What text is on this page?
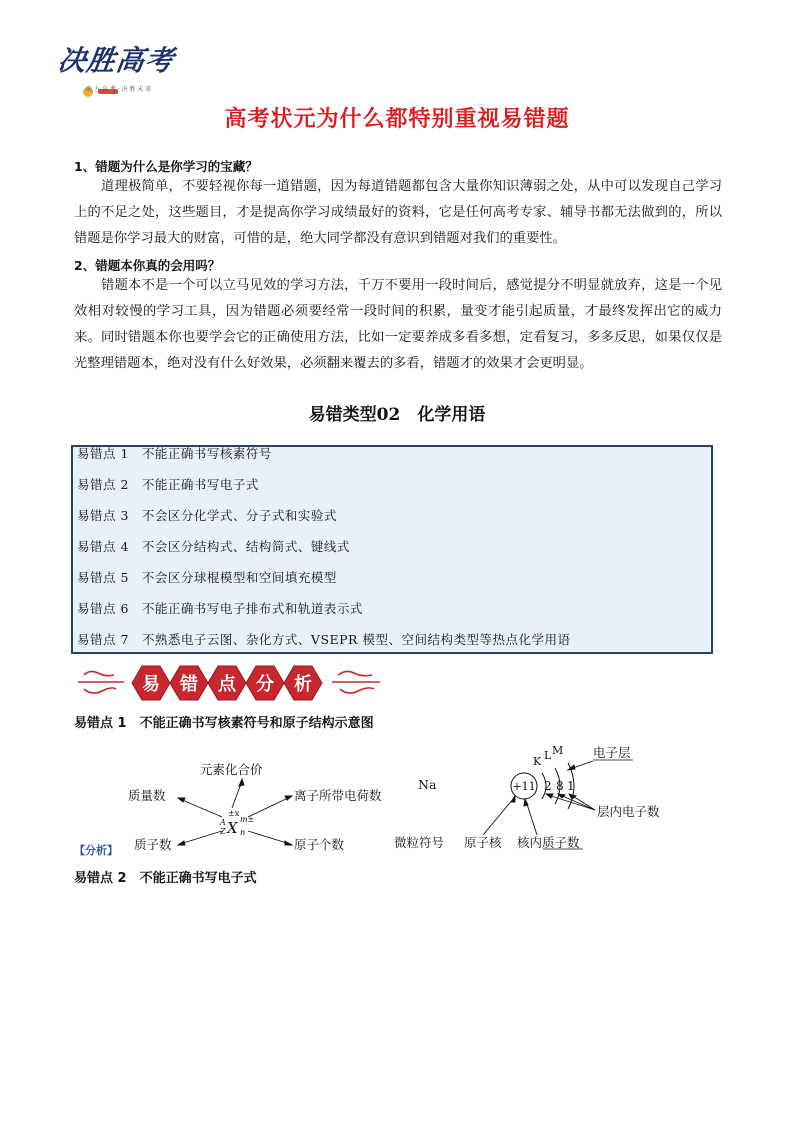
决胜高考
助 力 高 考 · 决 胜 未 来
高考状元为什么都特别重视易错题
1、错题为什么是你学习的宝藏？
道理极简单，不要轻视你每一道错题，因为每道错题都包含大量你知识薄弱之处，从中可以发现自己学习上的不足之处，这些题目，才是提高你学习成绩最好的资料，它是任何高考专家、辅导书都无法做到的，所以错题是你学习最大的财富，可惜的是，绝大同学都没有意识到错题对我们的重要性。
2、错题本你真的会用吗？
错题本不是一个可以立马见效的学习方法，千万不要用一段时间后，感觉提分不明显就放弃，这是一个见效相对较慢的学习工具，因为错题必须要经常一段时间的积累，量变才能引起质量，才最终发挥出它的威力来。同时错题本你也要学会它的正确使用方法，比如一定要养成多看多想，定看复习，多多反思，如果仅仅是光整理错题本，绝对没有什么好效果，必须翻来覆去的多看，错题才的效果才会更明显。
易错类型02　化学用语
易错点 1　不能正确书写核素符号
易错点 2　不能正确书写电子式
易错点 3　不会区分化学式、分子式和实验式
易错点 4　不会区分结构式、结构简式、键线式
易错点 5　不会区分球棍模型和空间填充模型
易错点 6　不能正确书写电子排布式和轨道表示式
易错点 7　不熟悉电子云图、杂化方式、VSEPR 模型、空间结构类型等热点化学用语
易 错 点 分 析
易错点 1　不能正确书写核素符号和原子结构示意图
元素化合价
质量数	离子所带电荷数
质子数	原子个数
±x
A
Z X m±
n
Na
微粒符号 原子核 核内质子数
+11
K L M
2 8 1
电子层
层内电子数
【分析】
易错点 2　不能正确书写电子式
